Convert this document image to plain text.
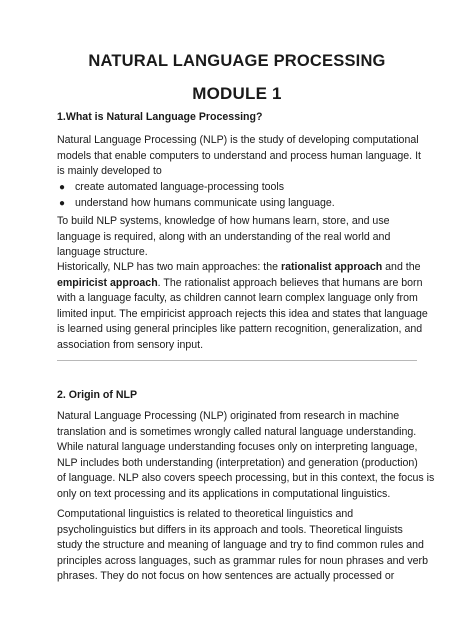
NATURAL LANGUAGE PROCESSING
MODULE 1
1.What is Natural Language Processing?
Natural Language Processing (NLP) is the study of developing computational
models that enable computers to understand and process human language. It
is mainly developed to
● create automated language-processing tools
● understand how humans communicate using language.
To build NLP systems, knowledge of how humans learn, store, and use
language is required, along with an understanding of the real world and
language structure.
Historically, NLP has two main approaches: the rationalist approach and the
empiricist approach. The rationalist approach believes that humans are born
with a language faculty, as children cannot learn complex language only from
limited input. The empiricist approach rejects this idea and states that language
is learned using general principles like pattern recognition, generalization, and
association from sensory input.
2. Origin of NLP
Natural Language Processing (NLP) originated from research in machine
translation and is sometimes wrongly called natural language understanding.
While natural language understanding focuses only on interpreting language,
NLP includes both understanding (interpretation) and generation (production)
of language. NLP also covers speech processing, but in this context, the focus is
only on text processing and its applications in computational linguistics.
Computational linguistics is related to theoretical linguistics and
psycholinguistics but differs in its approach and tools. Theoretical linguists
study the structure and meaning of language and try to find common rules and
principles across languages, such as grammar rules for noun phrases and verb
phrases. They do not focus on how sentences are actually processed or
